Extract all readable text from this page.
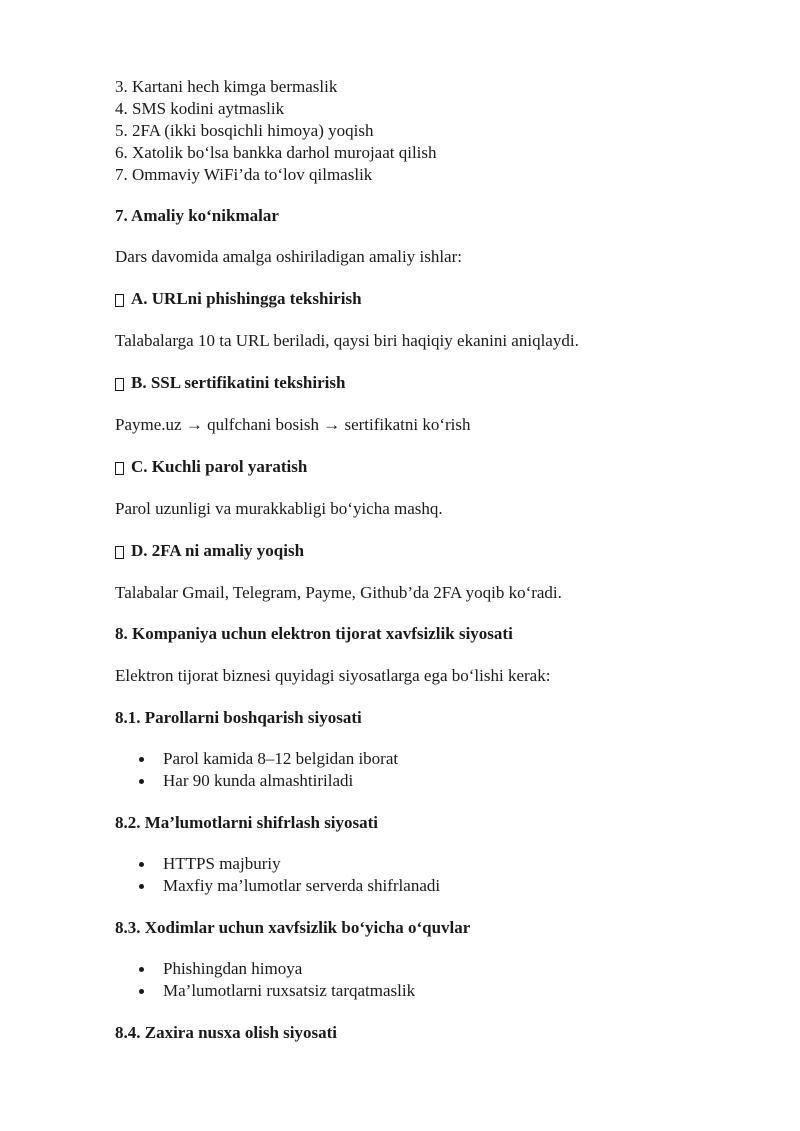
3. Kartani hech kimga bermaslik
4. SMS kodini aytmaslik
5. 2FA (ikki bosqichli himoya) yoqish
6. Xatolik bo‘lsa bankka darhol murojaat qilish
7. Ommaviy WiFi’da to‘lov qilmaslik
7. Amaliy ko‘nikmalar
Dars davomida amalga oshiriladigan amaliy ishlar:
A. URLni phishingga tekshirish
Talabalarga 10 ta URL beriladi, qaysi biri haqiqiy ekanini aniqlaydi.
B. SSL sertifikatini tekshirish
Payme.uz → qulfchani bosish → sertifikatni ko‘rish
C. Kuchli parol yaratish
Parol uzunligi va murakkabligi bo‘yicha mashq.
D. 2FA ni amaliy yoqish
Talabalar Gmail, Telegram, Payme, Github’da 2FA yoqib ko‘radi.
8. Kompaniya uchun elektron tijorat xavfsizlik siyosati
Elektron tijorat biznesi quyidagi siyosatlarga ega bo‘lishi kerak:
8.1. Parollarni boshqarish siyosati
Parol kamida 8–12 belgidan iborat
Har 90 kunda almashtiriladi
8.2. Ma’lumotlarni shifrlash siyosati
HTTPS majburiy
Maxfiy ma’lumotlar serverda shifrlanadi
8.3. Xodimlar uchun xavfsizlik bo‘yicha o‘quvlar
Phishingdan himoya
Ma’lumotlarni ruxsatsiz tarqatmaslik
8.4. Zaxira nusxa olish siyosati
